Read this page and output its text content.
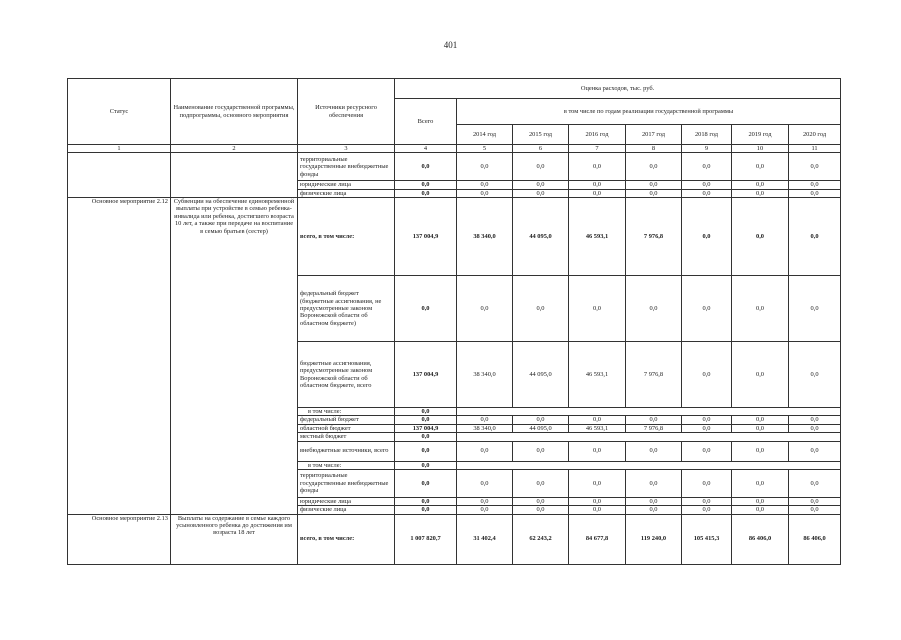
401
Статус	Наименование государственной программы, подпрограммы, основного мероприятия	Источники ресурсного обеспечения	Оценка расходов, тыс. руб.							
			Всего	в том числе по годам реализации государственной программы						
				2014 год	2015 год	2016 год	2017 год	2018 год	2019 год	2020 год
1	2	3	4	5	6	7	8	9	10	11
		территориальные государственные внебюджетные фонды	0,0	0,0	0,0	0,0	0,0	0,0	0,0	0,0
		юридические лица	0,0	0,0	0,0	0,0	0,0	0,0	0,0	0,0
		физические лица	0,0	0,0	0,0	0,0	0,0	0,0	0,0	0,0
Основное мероприятие 2.12	Субвенции на обеспечение единовременной выплаты при устройстве в семью ребенка-инвалида или ребенка, достигшего возраста 10 лет, а также при передаче на воспитание в семью братьев (сестер)	всего, в том числе:	137 004,9	38 340,0	44 095,0	46 593,1	7 976,8	0,0	0,0	0,0
		федеральный бюджет (бюджетные ассигнования, не предусмотренные законом Воронежской области об областном бюджете)	0,0	0,0	0,0	0,0	0,0	0,0	0,0	0,0
		бюджетные ассигнования, предусмотренные законом Воронежской области об областном бюджете, всего	137 004,9	38 340,0	44 095,0	46 593,1	7 976,8	0,0	0,0	0,0
		в том числе:	0,0							
		федеральный бюджет	0,0	0,0	0,0	0,0	0,0	0,0	0,0	0,0
		областной бюджет	137 004,9	38 340,0	44 095,0	46 593,1	7 976,8	0,0	0,0	0,0
		местный бюджет	0,0							
		внебюджетные источники, всего	0,0	0,0	0,0	0,0	0,0	0,0	0,0	0,0
		в том числе:	0,0							
		территориальные государственные внебюджетные фонды	0,0	0,0	0,0	0,0	0,0	0,0	0,0	0,0
		юридические лица	0,0	0,0	0,0	0,0	0,0	0,0	0,0	0,0
		физические лица	0,0	0,0	0,0	0,0	0,0	0,0	0,0	0,0
Основное мероприятие 2.13	Выплаты на содержание в семье каждого усыновленного ребенка до достижения им возраста 18 лет	всего, в том числе:	1 007 820,7	31 402,4	62 243,2	84 677,8	119 240,0	105 415,3	86 406,0	86 406,0
